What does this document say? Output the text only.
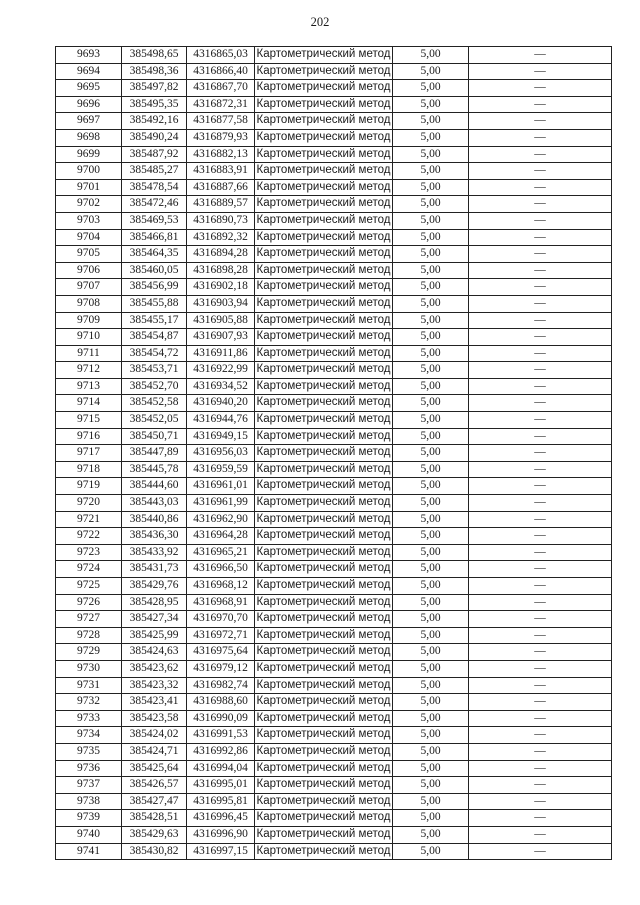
202
9693	385498,65	4316865,03	Картометрический метод	5,00	—
9694	385498,36	4316866,40	Картометрический метод	5,00	—
9695	385497,82	4316867,70	Картометрический метод	5,00	—
9696	385495,35	4316872,31	Картометрический метод	5,00	—
9697	385492,16	4316877,58	Картометрический метод	5,00	—
9698	385490,24	4316879,93	Картометрический метод	5,00	—
9699	385487,92	4316882,13	Картометрический метод	5,00	—
9700	385485,27	4316883,91	Картометрический метод	5,00	—
9701	385478,54	4316887,66	Картометрический метод	5,00	—
9702	385472,46	4316889,57	Картометрический метод	5,00	—
9703	385469,53	4316890,73	Картометрический метод	5,00	—
9704	385466,81	4316892,32	Картометрический метод	5,00	—
9705	385464,35	4316894,28	Картометрический метод	5,00	—
9706	385460,05	4316898,28	Картометрический метод	5,00	—
9707	385456,99	4316902,18	Картометрический метод	5,00	—
9708	385455,88	4316903,94	Картометрический метод	5,00	—
9709	385455,17	4316905,88	Картометрический метод	5,00	—
9710	385454,87	4316907,93	Картометрический метод	5,00	—
9711	385454,72	4316911,86	Картометрический метод	5,00	—
9712	385453,71	4316922,99	Картометрический метод	5,00	—
9713	385452,70	4316934,52	Картометрический метод	5,00	—
9714	385452,58	4316940,20	Картометрический метод	5,00	—
9715	385452,05	4316944,76	Картометрический метод	5,00	—
9716	385450,71	4316949,15	Картометрический метод	5,00	—
9717	385447,89	4316956,03	Картометрический метод	5,00	—
9718	385445,78	4316959,59	Картометрический метод	5,00	—
9719	385444,60	4316961,01	Картометрический метод	5,00	—
9720	385443,03	4316961,99	Картометрический метод	5,00	—
9721	385440,86	4316962,90	Картометрический метод	5,00	—
9722	385436,30	4316964,28	Картометрический метод	5,00	—
9723	385433,92	4316965,21	Картометрический метод	5,00	—
9724	385431,73	4316966,50	Картометрический метод	5,00	—
9725	385429,76	4316968,12	Картометрический метод	5,00	—
9726	385428,95	4316968,91	Картометрический метод	5,00	—
9727	385427,34	4316970,70	Картометрический метод	5,00	—
9728	385425,99	4316972,71	Картометрический метод	5,00	—
9729	385424,63	4316975,64	Картометрический метод	5,00	—
9730	385423,62	4316979,12	Картометрический метод	5,00	—
9731	385423,32	4316982,74	Картометрический метод	5,00	—
9732	385423,41	4316988,60	Картометрический метод	5,00	—
9733	385423,58	4316990,09	Картометрический метод	5,00	—
9734	385424,02	4316991,53	Картометрический метод	5,00	—
9735	385424,71	4316992,86	Картометрический метод	5,00	—
9736	385425,64	4316994,04	Картометрический метод	5,00	—
9737	385426,57	4316995,01	Картометрический метод	5,00	—
9738	385427,47	4316995,81	Картометрический метод	5,00	—
9739	385428,51	4316996,45	Картометрический метод	5,00	—
9740	385429,63	4316996,90	Картометрический метод	5,00	—
9741	385430,82	4316997,15	Картометрический метод	5,00	—
